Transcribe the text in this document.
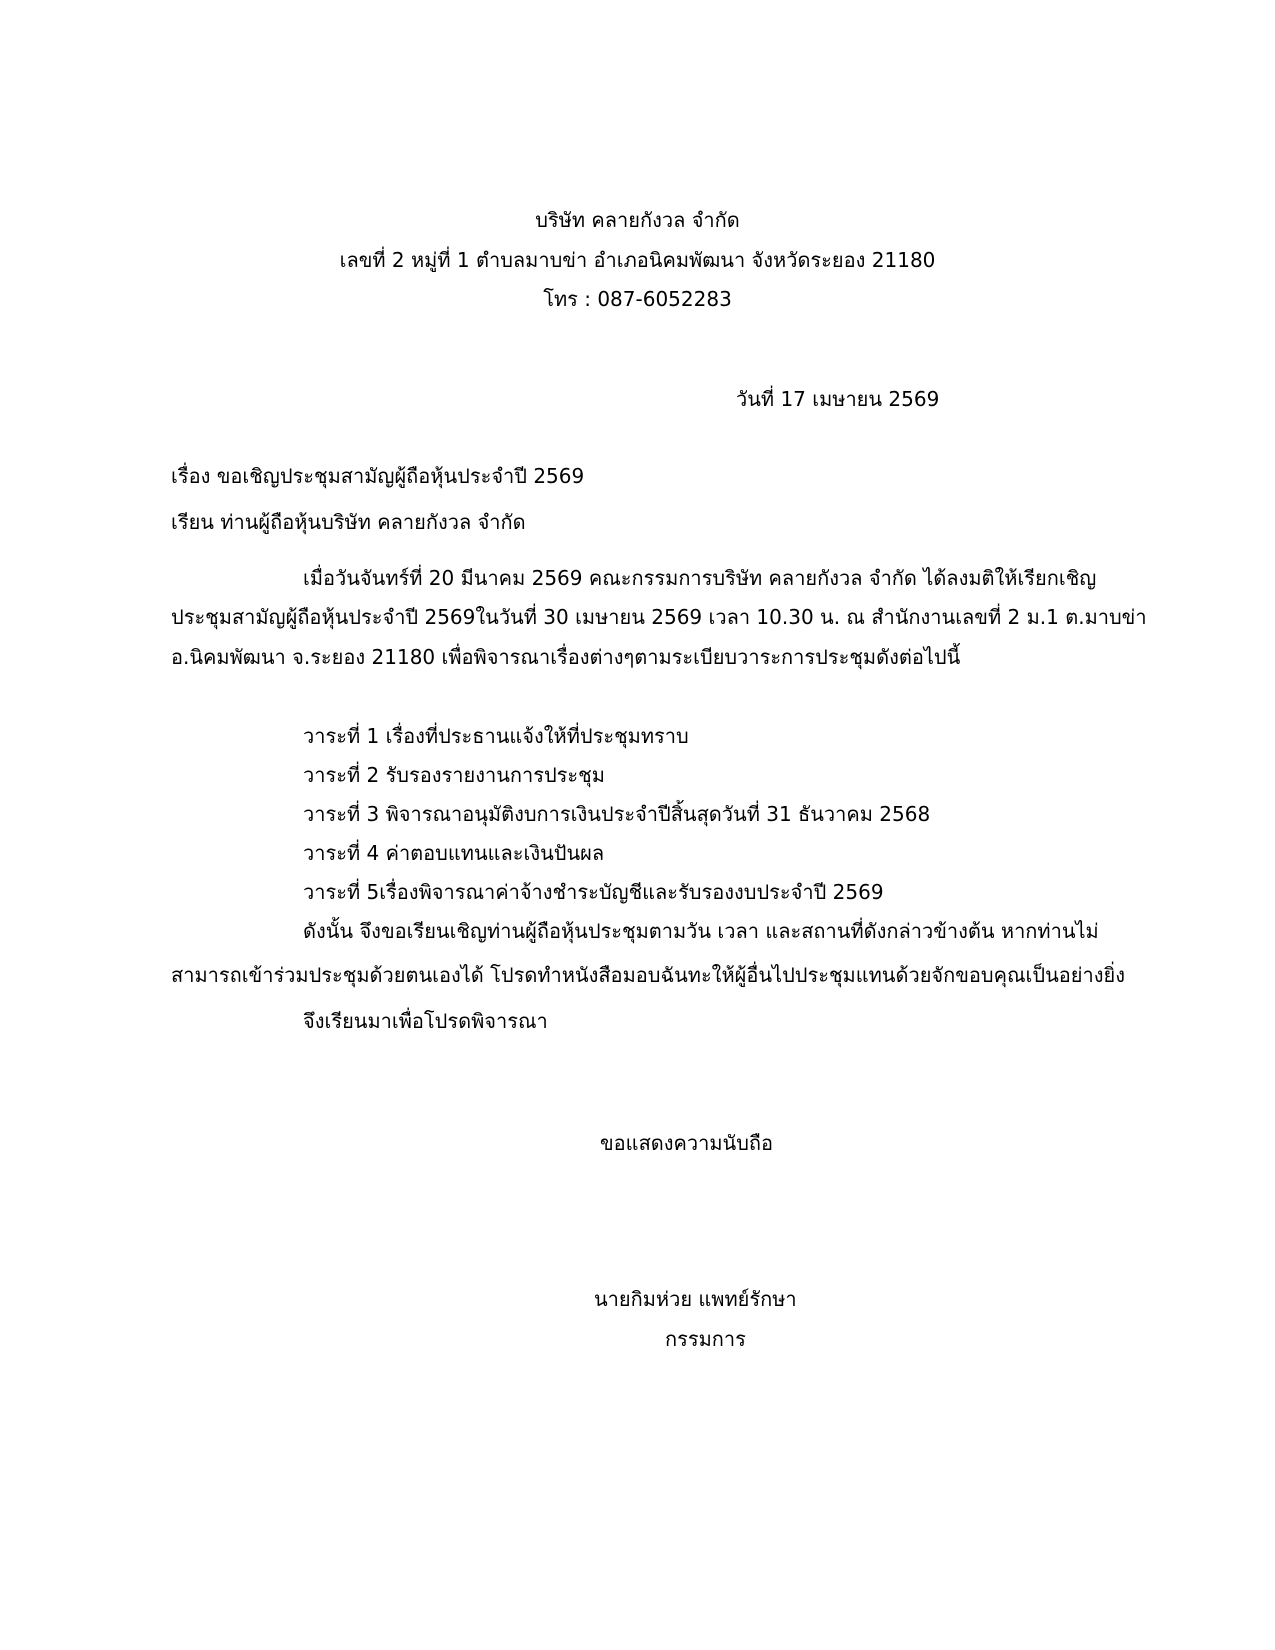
บริษัท คลายกังวล จำกัด
เลขที่ 2 หมู่ที่ 1 ตำบลมาบข่า อำเภอนิคมพัฒนา จังหวัดระยอง 21180
โทร : 087-6052283
วันที่ 17 เมษายน 2569
เรื่อง ขอเชิญประชุมสามัญผู้ถือหุ้นประจำปี 2569
เรียน ท่านผู้ถือหุ้นบริษัท คลายกังวล จำกัด
เมื่อวันจันทร์ที่ 20 มีนาคม 2569 คณะกรรมการบริษัท คลายกังวล จำกัด ได้ลงมติให้เรียกเชิญ
ประชุมสามัญผู้ถือหุ้นประจำปี 2569ในวันที่ 30 เมษายน 2569 เวลา 10.30 น. ณ สำนักงานเลขที่ 2 ม.1 ต.มาบข่า
อ.นิคมพัฒนา จ.ระยอง 21180 เพื่อพิจารณาเรื่องต่างๆตามระเบียบวาระการประชุมดังต่อไปนี้
วาระที่ 1 เรื่องที่ประธานแจ้งให้ที่ประชุมทราบ
วาระที่ 2 รับรองรายงานการประชุม
วาระที่ 3 พิจารณาอนุมัติงบการเงินประจำปีสิ้นสุดวันที่ 31 ธันวาคม 2568
วาระที่ 4 ค่าตอบแทนและเงินปันผล
วาระที่ 5เรื่องพิจารณาค่าจ้างชำระบัญชีและรับรองงบประจำปี 2569
ดังนั้น จึงขอเรียนเชิญท่านผู้ถือหุ้นประชุมตามวัน เวลา และสถานที่ดังกล่าวข้างต้น หากท่านไม่
สามารถเข้าร่วมประชุมด้วยตนเองได้ โปรดทำหนังสือมอบฉันทะให้ผู้อื่นไปประชุมแทนด้วยจักขอบคุณเป็นอย่างยิ่ง
จึงเรียนมาเพื่อโปรดพิจารณา
ขอแสดงความนับถือ
นายกิมห่วย แพทย์รักษา
กรรมการ
